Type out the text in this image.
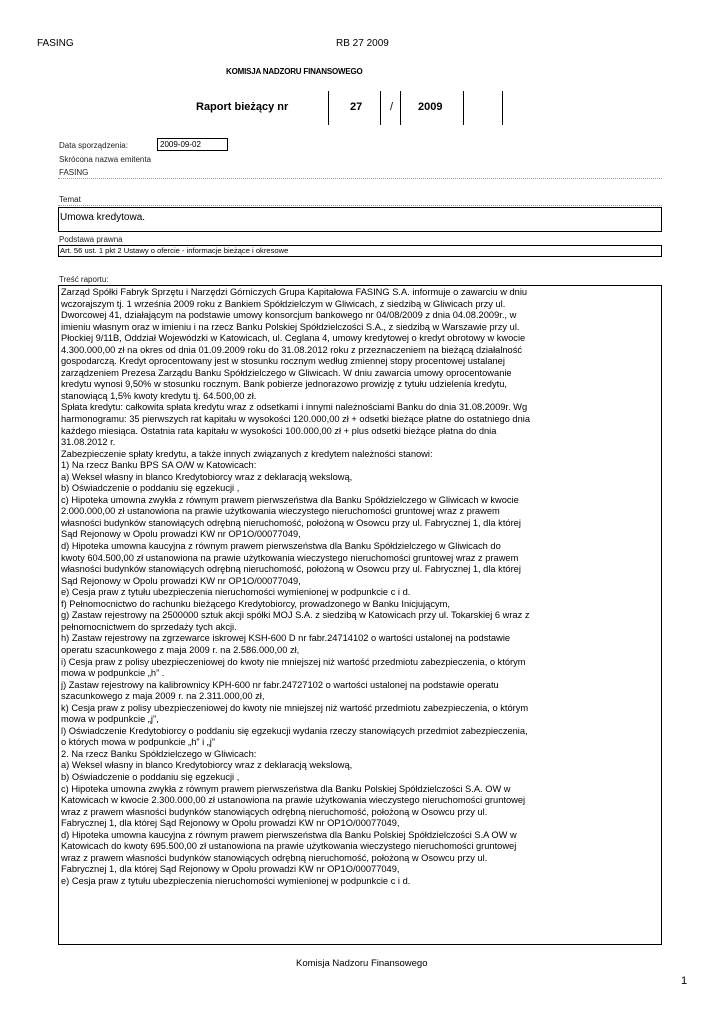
FASING	RB 27 2009
KOMISJA NADZORU FINANSOWEGO
Raport bieżący nr	27	/ 2009
Data sporządzenia:	2009-09-02
Skrócona nazwa emitenta
FASING
Temat
Umowa kredytowa.
Podstawa prawna
Art. 56 ust. 1 pkt 2 Ustawy o ofercie - informacje bieżące i okresowe
Treść raportu:
Zarząd Spółki Fabryk Sprzętu i Narzędzi Górniczych Grupa Kapitałowa FASING S.A. informuje o zawarciu w dniu
wczorajszym tj. 1 września 2009 roku z Bankiem Spółdzielczym w Gliwicach, z siedzibą w Gliwicach przy ul.
Dworcowej 41, działającym na podstawie umowy konsorcjum bankowego nr 04/08/2009 z dnia 04.08.2009r., w
imieniu własnym oraz w imieniu i na rzecz Banku Polskiej Spółdzielczości S.A., z siedzibą w Warszawie przy ul.
Płockiej 9/11B, Oddział Wojewódzki w Katowicach, ul. Ceglana 4, umowy kredytowej o kredyt obrotowy w kwocie
4.300.000,00 zł na okres od dnia 01.09.2009 roku do 31.08.2012 roku z przeznaczeniem na bieżącą działalność
gospodarczą. Kredyt oprocentowany jest w stosunku rocznym według zmiennej stopy procentowej ustalanej
zarządzeniem Prezesa Zarządu Banku Spółdzielczego w Gliwicach. W dniu zawarcia umowy oprocentowanie
kredytu wynosi 9,50% w stosunku rocznym. Bank pobierze jednorazowo prowizję z tytułu udzielenia kredytu,
stanowiącą 1,5% kwoty kredytu tj. 64.500,00 zł.
Spłata kredytu: całkowita spłata kredytu wraz z odsetkami i innymi należnościami Banku do dnia 31.08.2009r. Wg
harmonogramu: 35 pierwszych rat kapitału w wysokości 120.000,00 zł + odsetki bieżące płatne do ostatniego dnia
każdego miesiąca. Ostatnia rata kapitału w wysokości 100.000,00 zł + plus odsetki bieżące płatna do dnia
31.08.2012 r.
Zabezpieczenie spłaty kredytu, a także innych związanych z kredytem należności stanowi:
1) Na rzecz Banku BPS SA O/W w Katowicach:
a) Weksel własny in blanco Kredytobiorcy wraz z deklaracją wekslową,
b) Oświadczenie o poddaniu się egzekucji ,
c) Hipoteka umowna zwykła z równym prawem pierwszeństwa dla Banku Spółdzielczego w Gliwicach w kwocie
2.000.000,00 zł ustanowiona na prawie użytkowania wieczystego nieruchomości gruntowej wraz z prawem
własności budynków stanowiących odrębną nieruchomość, położoną w Osowcu przy ul. Fabrycznej 1, dla której
Sąd Rejonowy w Opolu prowadzi KW nr OP1O/00077049,
d) Hipoteka umowna kaucyjna z równym prawem pierwszeństwa dla Banku Spółdzielczego w Gliwicach do
kwoty 604.500,00 zł ustanowiona na prawie użytkowania wieczystego nieruchomości gruntowej wraz z prawem
własności budynków stanowiących odrębną nieruchomość, położoną w Osowcu przy ul. Fabrycznej 1, dla której
Sąd Rejonowy w Opolu prowadzi KW nr OP1O/00077049,
e) Cesja praw z tytułu ubezpieczenia nieruchomości wymienionej w podpunkcie c i d.
f) Pełnomocnictwo do rachunku bieżącego Kredytobiorcy, prowadzonego w Banku Inicjującym,
g) Zastaw rejestrowy na 2500000 sztuk akcji spółki MOJ S.A. z siedzibą w Katowicach przy ul. Tokarskiej 6 wraz z
pełnomocnictwem do sprzedaży tych akcji.
h) Zastaw rejestrowy na zgrzewarce iskrowej KSH-600 D nr fabr.24714102 o wartości ustalonej na podstawie
operatu szacunkowego z maja 2009 r. na 2.586.000,00 zł,
i) Cesja praw z polisy ubezpieczeniowej do kwoty nie mniejszej niż wartość przedmiotu zabezpieczenia, o którym
mowa w podpunkcie „h” .
j) Zastaw rejestrowy na kalibrownicy KPH-600 nr fabr.24727102 o wartości ustalonej na podstawie operatu
szacunkowego z maja 2009 r. na 2.311.000,00 zł,
k) Cesja praw z polisy ubezpieczeniowej do kwoty nie mniejszej niż wartość przedmiotu zabezpieczenia, o którym
mowa w podpunkcie „j”,
l) Oświadczenie Kredytobiorcy o poddaniu się egzekucji wydania rzeczy stanowiących przedmiot zabezpieczenia,
o których mowa w podpunkcie „h” i „j”
2. Na rzecz Banku Spółdzielczego w Gliwicach:
a) Weksel własny in blanco Kredytobiorcy wraz z deklaracją wekslową,
b) Oświadczenie o poddaniu się egzekucji ,
c) Hipoteka umowna zwykła z równym prawem pierwszeństwa dla Banku Polskiej Spółdzielczości S.A. OW w
Katowicach w kwocie 2.300.000,00 zł ustanowiona na prawie użytkowania wieczystego nieruchomości gruntowej
wraz z prawem własności budynków stanowiących odrębną nieruchomość, położoną w Osowcu przy ul.
Fabrycznej 1, dla której Sąd Rejonowy w Opolu prowadzi KW nr OP1O/00077049,
d) Hipoteka umowna kaucyjna z równym prawem pierwszeństwa dla Banku Polskiej Spółdzielczości S.A OW w
Katowicach do kwoty 695.500,00 zł ustanowiona na prawie użytkowania wieczystego nieruchomości gruntowej
wraz z prawem własności budynków stanowiących odrębną nieruchomość, położoną w Osowcu przy ul.
Fabrycznej 1, dla której Sąd Rejonowy w Opolu prowadzi KW nr OP1O/00077049,
e) Cesja praw z tytułu ubezpieczenia nieruchomości wymienionej w podpunkcie c i d.
Komisja Nadzoru Finansowego
1
